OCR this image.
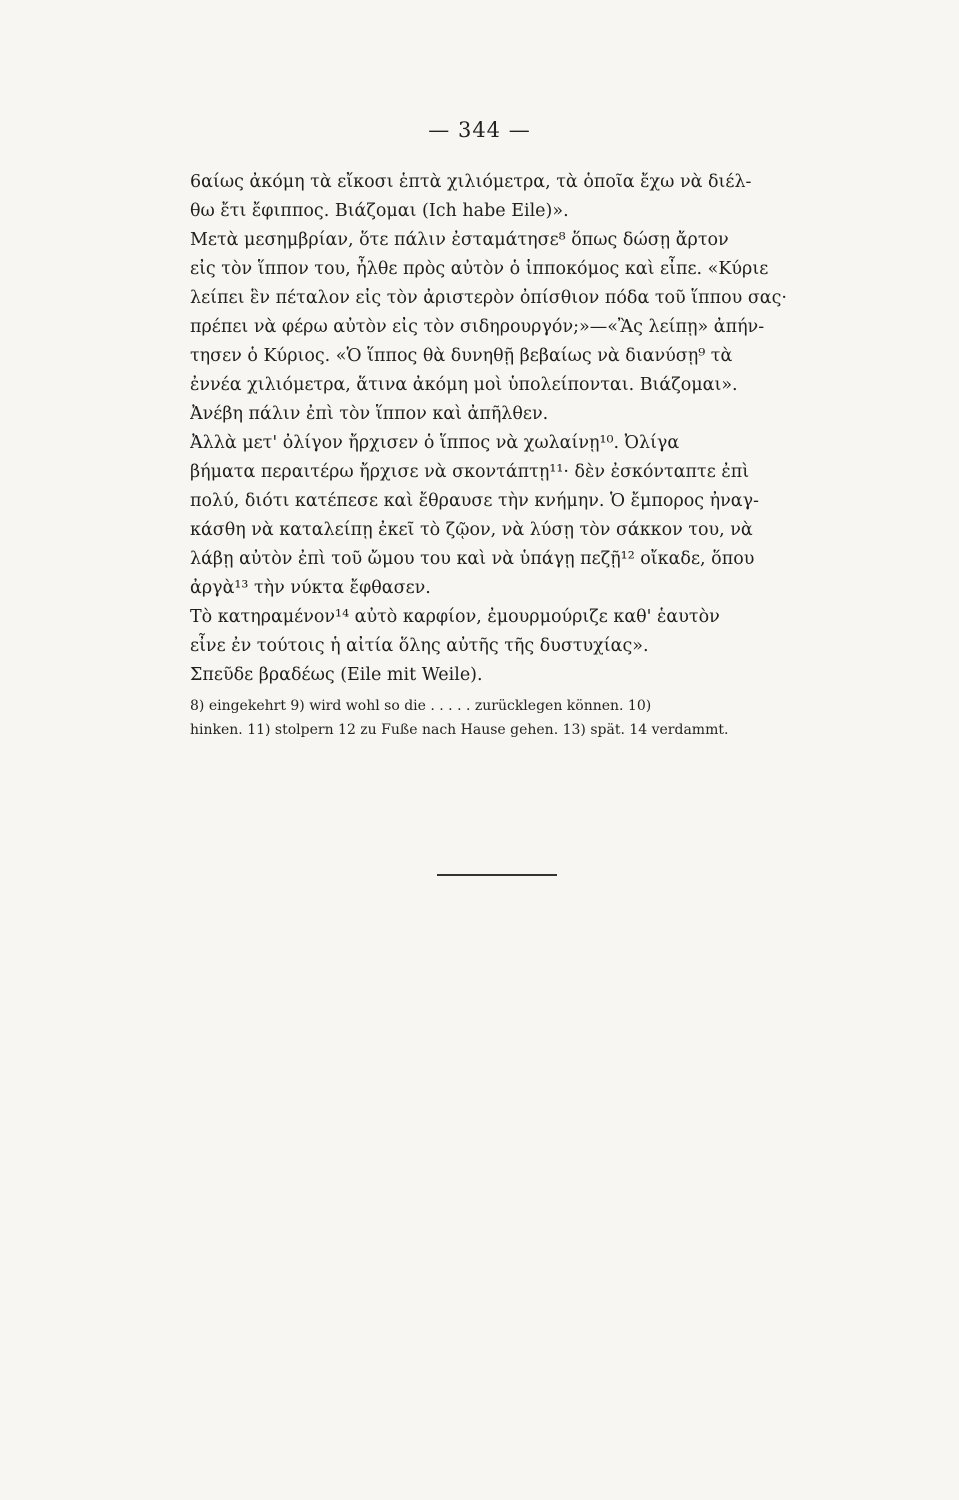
— 344 —
6αίως ἀκόμη τὰ εἴκοσι ἑπτὰ χιλιόμετρα, τὰ ὁποῖα ἔχω νὰ διέλ-
θω ἔτι ἔφιππος. Βιάζομαι (Ich habe Eile)».
Μετὰ μεσημβρίαν, ὅτε πάλιν ἐσταμάτησε⁸ ὅπως δώσῃ ἄρτον
εἰς τὸν ἵππον του, ἦλθε πρὸς αὐτὸν ὁ ἱπποκόμος καὶ εἶπε. «Κύριε
λείπει ἓν πέταλον εἰς τὸν ἀριστερὸν ὀπίσθιον πόδα τοῦ ἵππου σας·
πρέπει νὰ φέρω αὐτὸν εἰς τὸν σιδηρουργόν;»—«Ἂς λείπῃ» ἀπήν-
τησεν ὁ Κύριος. «Ὁ ἵππος θὰ δυνηθῇ βεβαίως νὰ διανύσῃ⁹ τὰ
ἐννέα χιλιόμετρα, ἅτινα ἀκόμη μοὶ ὑπολείπονται. Βιάζομαι».
Ἀνέβη πάλιν ἐπὶ τὸν ἵππον καὶ ἀπῆλθεν.
Ἀλλὰ μετ' ὀλίγον ἤρχισεν ὁ ἵππος νὰ χωλαίνῃ¹⁰. Ὀλίγα
βήματα περαιτέρω ἤρχισε νὰ σκοντάπτῃ¹¹· δὲν ἐσκόνταπτε ἐπὶ
πολύ, διότι κατέπεσε καὶ ἔθραυσε τὴν κνήμην. Ὁ ἔμπορος ἠναγ-
κάσθη νὰ καταλείπῃ ἐκεῖ τὸ ζῷον, νὰ λύσῃ τὸν σάκκον του, νὰ
λάβῃ αὐτὸν ἐπὶ τοῦ ὤμου του καὶ νὰ ὑπάγῃ πεζῇ¹² οἴκαδε, ὅπου
ἀργὰ¹³ τὴν νύκτα ἔφθασεν.
Τὸ κατηραμένον¹⁴ αὐτὸ καρφίον, ἐμουρμούριζε καθ' ἑαυτὸν
εἶνε ἐν τούτοις ἡ αἰτία ὅλης αὐτῆς τῆς δυστυχίας».
Σπεῦδε βραδέως (Eile mit Weile).
8) eingekehrt 9) wird wohl so die . . . . . zurücklegen können. 10)
hinken. 11) stolpern 12 zu Fuße nach Hause gehen. 13) spät. 14 verdammt.
